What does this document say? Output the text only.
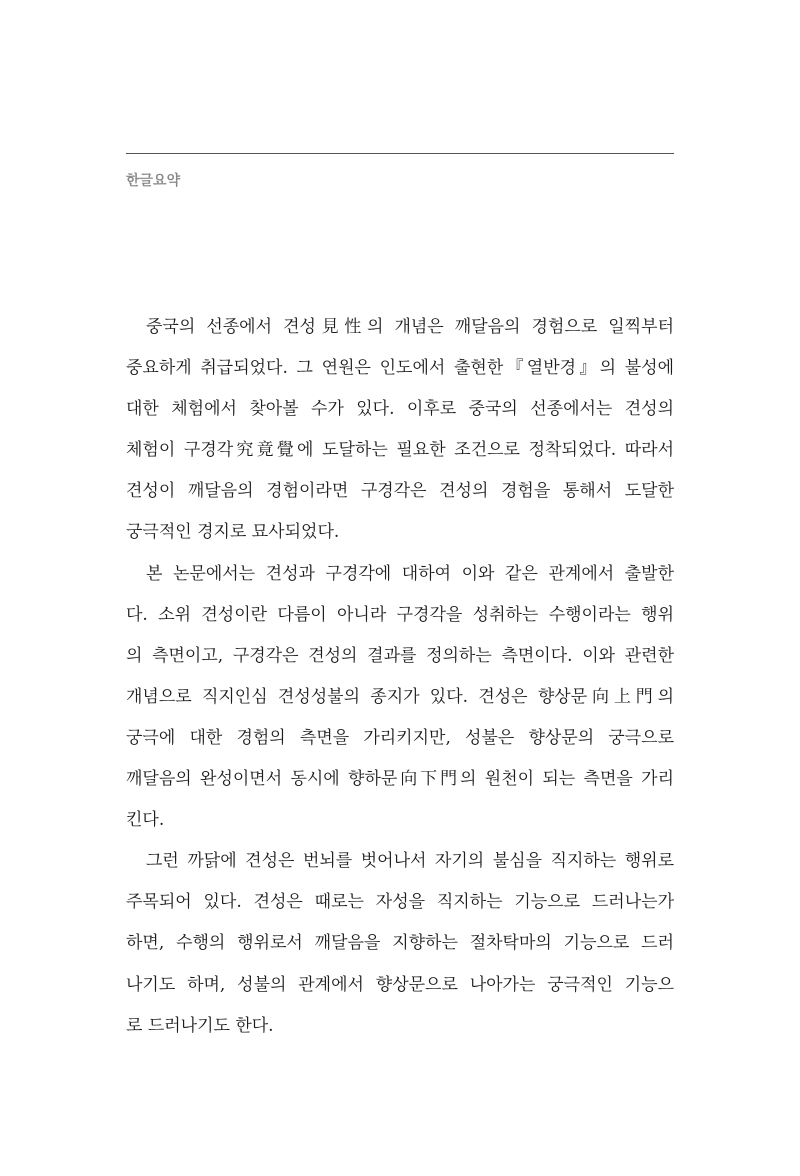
한글요약
중국의 선종에서 견성見性의 개념은 깨달음의 경험으로 일찍부터
중요하게 취급되었다. 그 연원은 인도에서 출현한『열반경』의 불성에
대한 체험에서 찾아볼 수가 있다. 이후로 중국의 선종에서는 견성의
체험이 구경각究竟覺에 도달하는 필요한 조건으로 정착되었다. 따라서
견성이 깨달음의 경험이라면 구경각은 견성의 경험을 통해서 도달한
궁극적인 경지로 묘사되었다.
본 논문에서는 견성과 구경각에 대하여 이와 같은 관계에서 출발한
다. 소위 견성이란 다름이 아니라 구경각을 성취하는 수행이라는 행위
의 측면이고, 구경각은 견성의 결과를 정의하는 측면이다. 이와 관련한
개념으로 직지인심 견성성불의 종지가 있다. 견성은 향상문向上門의
궁극에 대한 경험의 측면을 가리키지만, 성불은 향상문의 궁극으로
깨달음의 완성이면서 동시에 향하문向下門의 원천이 되는 측면을 가리
킨다.
그런 까닭에 견성은 번뇌를 벗어나서 자기의 불심을 직지하는 행위로
주목되어 있다. 견성은 때로는 자성을 직지하는 기능으로 드러나는가
하면, 수행의 행위로서 깨달음을 지향하는 절차탁마의 기능으로 드러
나기도 하며, 성불의 관계에서 향상문으로 나아가는 궁극적인 기능으
로 드러나기도 한다.
